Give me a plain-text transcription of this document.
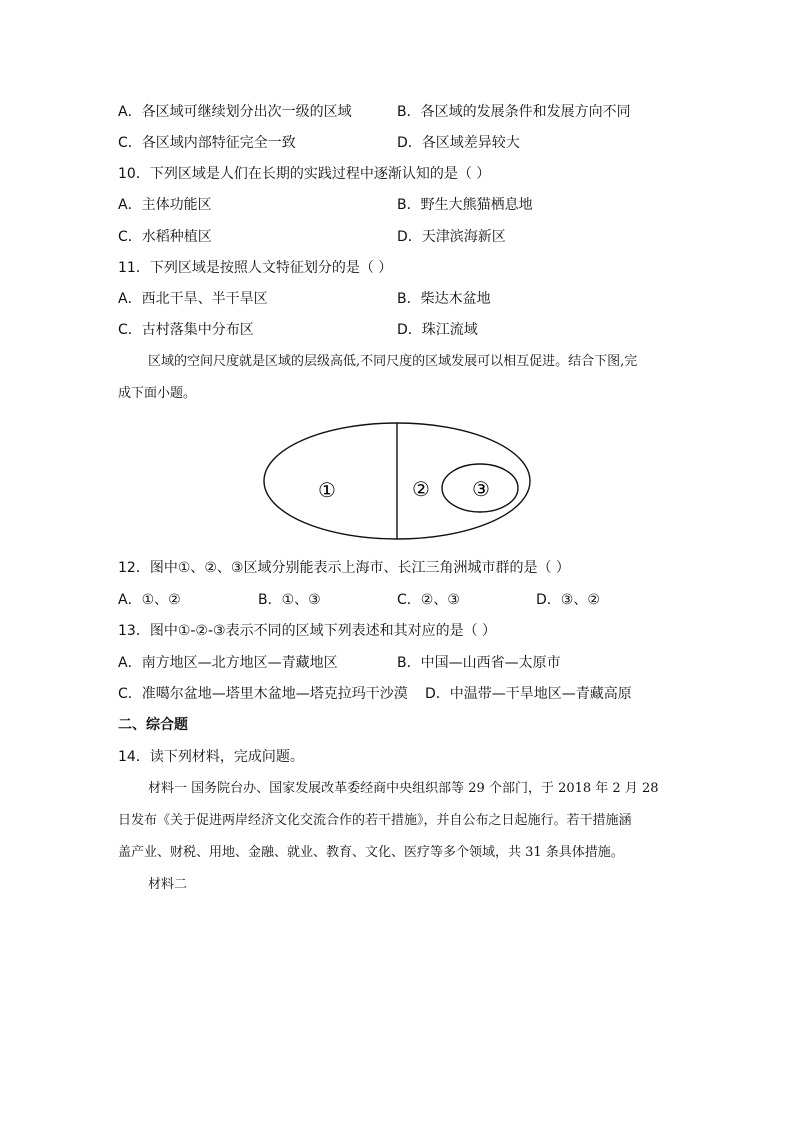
A．各区域可继续划分出次一级的区域	B．各区域的发展条件和发展方向不同
C．各区域内部特征完全一致	D．各区域差异较大
10．下列区域是人们在长期的实践过程中逐渐认知的是（ ）
A．主体功能区	B．野生大熊猫栖息地
C．水稻种植区	D．天津滨海新区
11．下列区域是按照人文特征划分的是（ ）
A．西北干旱、半干旱区	B．柴达木盆地
C．古村落集中分布区	D．珠江流域
区域的空间尺度就是区域的层级高低,不同尺度的区域发展可以相互促进。结合下图,完
成下面小题。
①	② ③
12．图中①、②、③区域分别能表示上海市、长江三角洲城市群的是（ ）
A．①、②	B．①、③	C．②、③	D．③、②
13．图中①-②-③表示不同的区域下列表述和其对应的是（ ）
A．南方地区—北方地区—青藏地区	B．中国—山西省—太原市
C．准噶尔盆地—塔里木盆地—塔克拉玛干沙漠 D．中温带—干旱地区—青藏高原
二、综合题
14．读下列材料，完成问题。
材料一 国务院台办、国家发展改革委经商中央组织部等 29 个部门，于 2018 年 2 月 28
日发布《关于促进两岸经济文化交流合作的若干措施》，并自公布之日起施行。若干措施涵
盖产业、财税、用地、金融、就业、教育、文化、医疗等多个领域，共 31 条具体措施。
材料二
